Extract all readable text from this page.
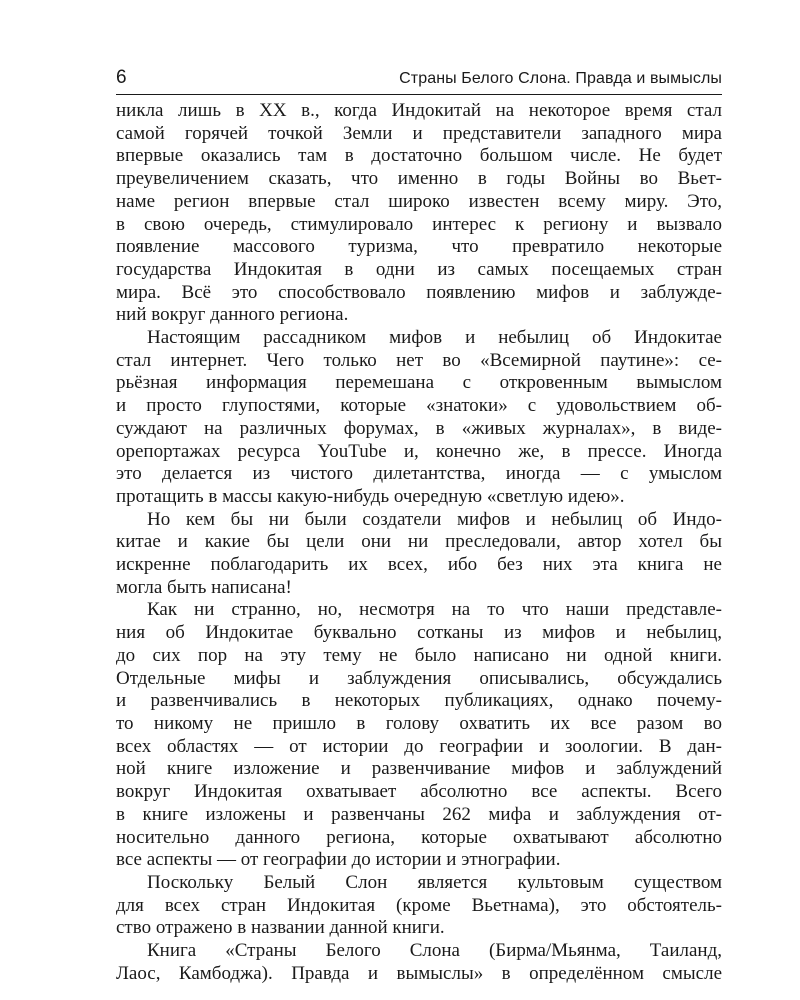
6	Страны Белого Слона. Правда и вымыслы
никла лишь в XX в., когда Индокитай на некоторое время стал
самой горячей точкой Земли и представители западного мира
впервые оказались там в достаточно большом числе. Не будет
преувеличением сказать, что именно в годы Войны во Вьет-
наме регион впервые стал широко известен всему миру. Это,
в свою очередь, стимулировало интерес к региону и вызвало
появление массового туризма, что превратило некоторые
государства Индокитая в одни из самых посещаемых стран
мира. Всё это способствовало появлению мифов и заблужде-
ний вокруг данного региона.
Настоящим рассадником мифов и небылиц об Индокитае
стал интернет. Чего только нет во «Всемирной паутине»: се-
рьёзная информация перемешана с откровенным вымыслом
и просто глупостями, которые «знатоки» с удовольствием об-
суждают на различных форумах, в «живых журналах», в виде-
орепортажах ресурса YouTube и, конечно же, в прессе. Иногда
это делается из чистого дилетантства, иногда — с умыслом
протащить в массы какую-нибудь очередную «светлую идею».
Но кем бы ни были создатели мифов и небылиц об Индо-
китае и какие бы цели они ни преследовали, автор хотел бы
искренне поблагодарить их всех, ибо без них эта книга не
могла быть написана!
Как ни странно, но, несмотря на то что наши представле-
ния об Индокитае буквально сотканы из мифов и небылиц,
до сих пор на эту тему не было написано ни одной книги.
Отдельные мифы и заблуждения описывались, обсуждались
и развенчивались в некоторых публикациях, однако почему-
то никому не пришло в голову охватить их все разом во
всех областях — от истории до географии и зоологии. В дан-
ной книге изложение и развенчивание мифов и заблуждений
вокруг Индокитая охватывает абсолютно все аспекты. Всего
в книге изложены и развенчаны 262 мифа и заблуждения от-
носительно данного региона, которые охватывают абсолютно
все аспекты — от географии до истории и этнографии.
Поскольку Белый Слон является культовым существом
для всех стран Индокитая (кроме Вьетнама), это обстоятель-
ство отражено в названии данной книги.
Книга «Страны Белого Слона (Бирма/Мьянма, Таиланд,
Лаос, Камбоджа). Правда и вымыслы» в определённом смысле
